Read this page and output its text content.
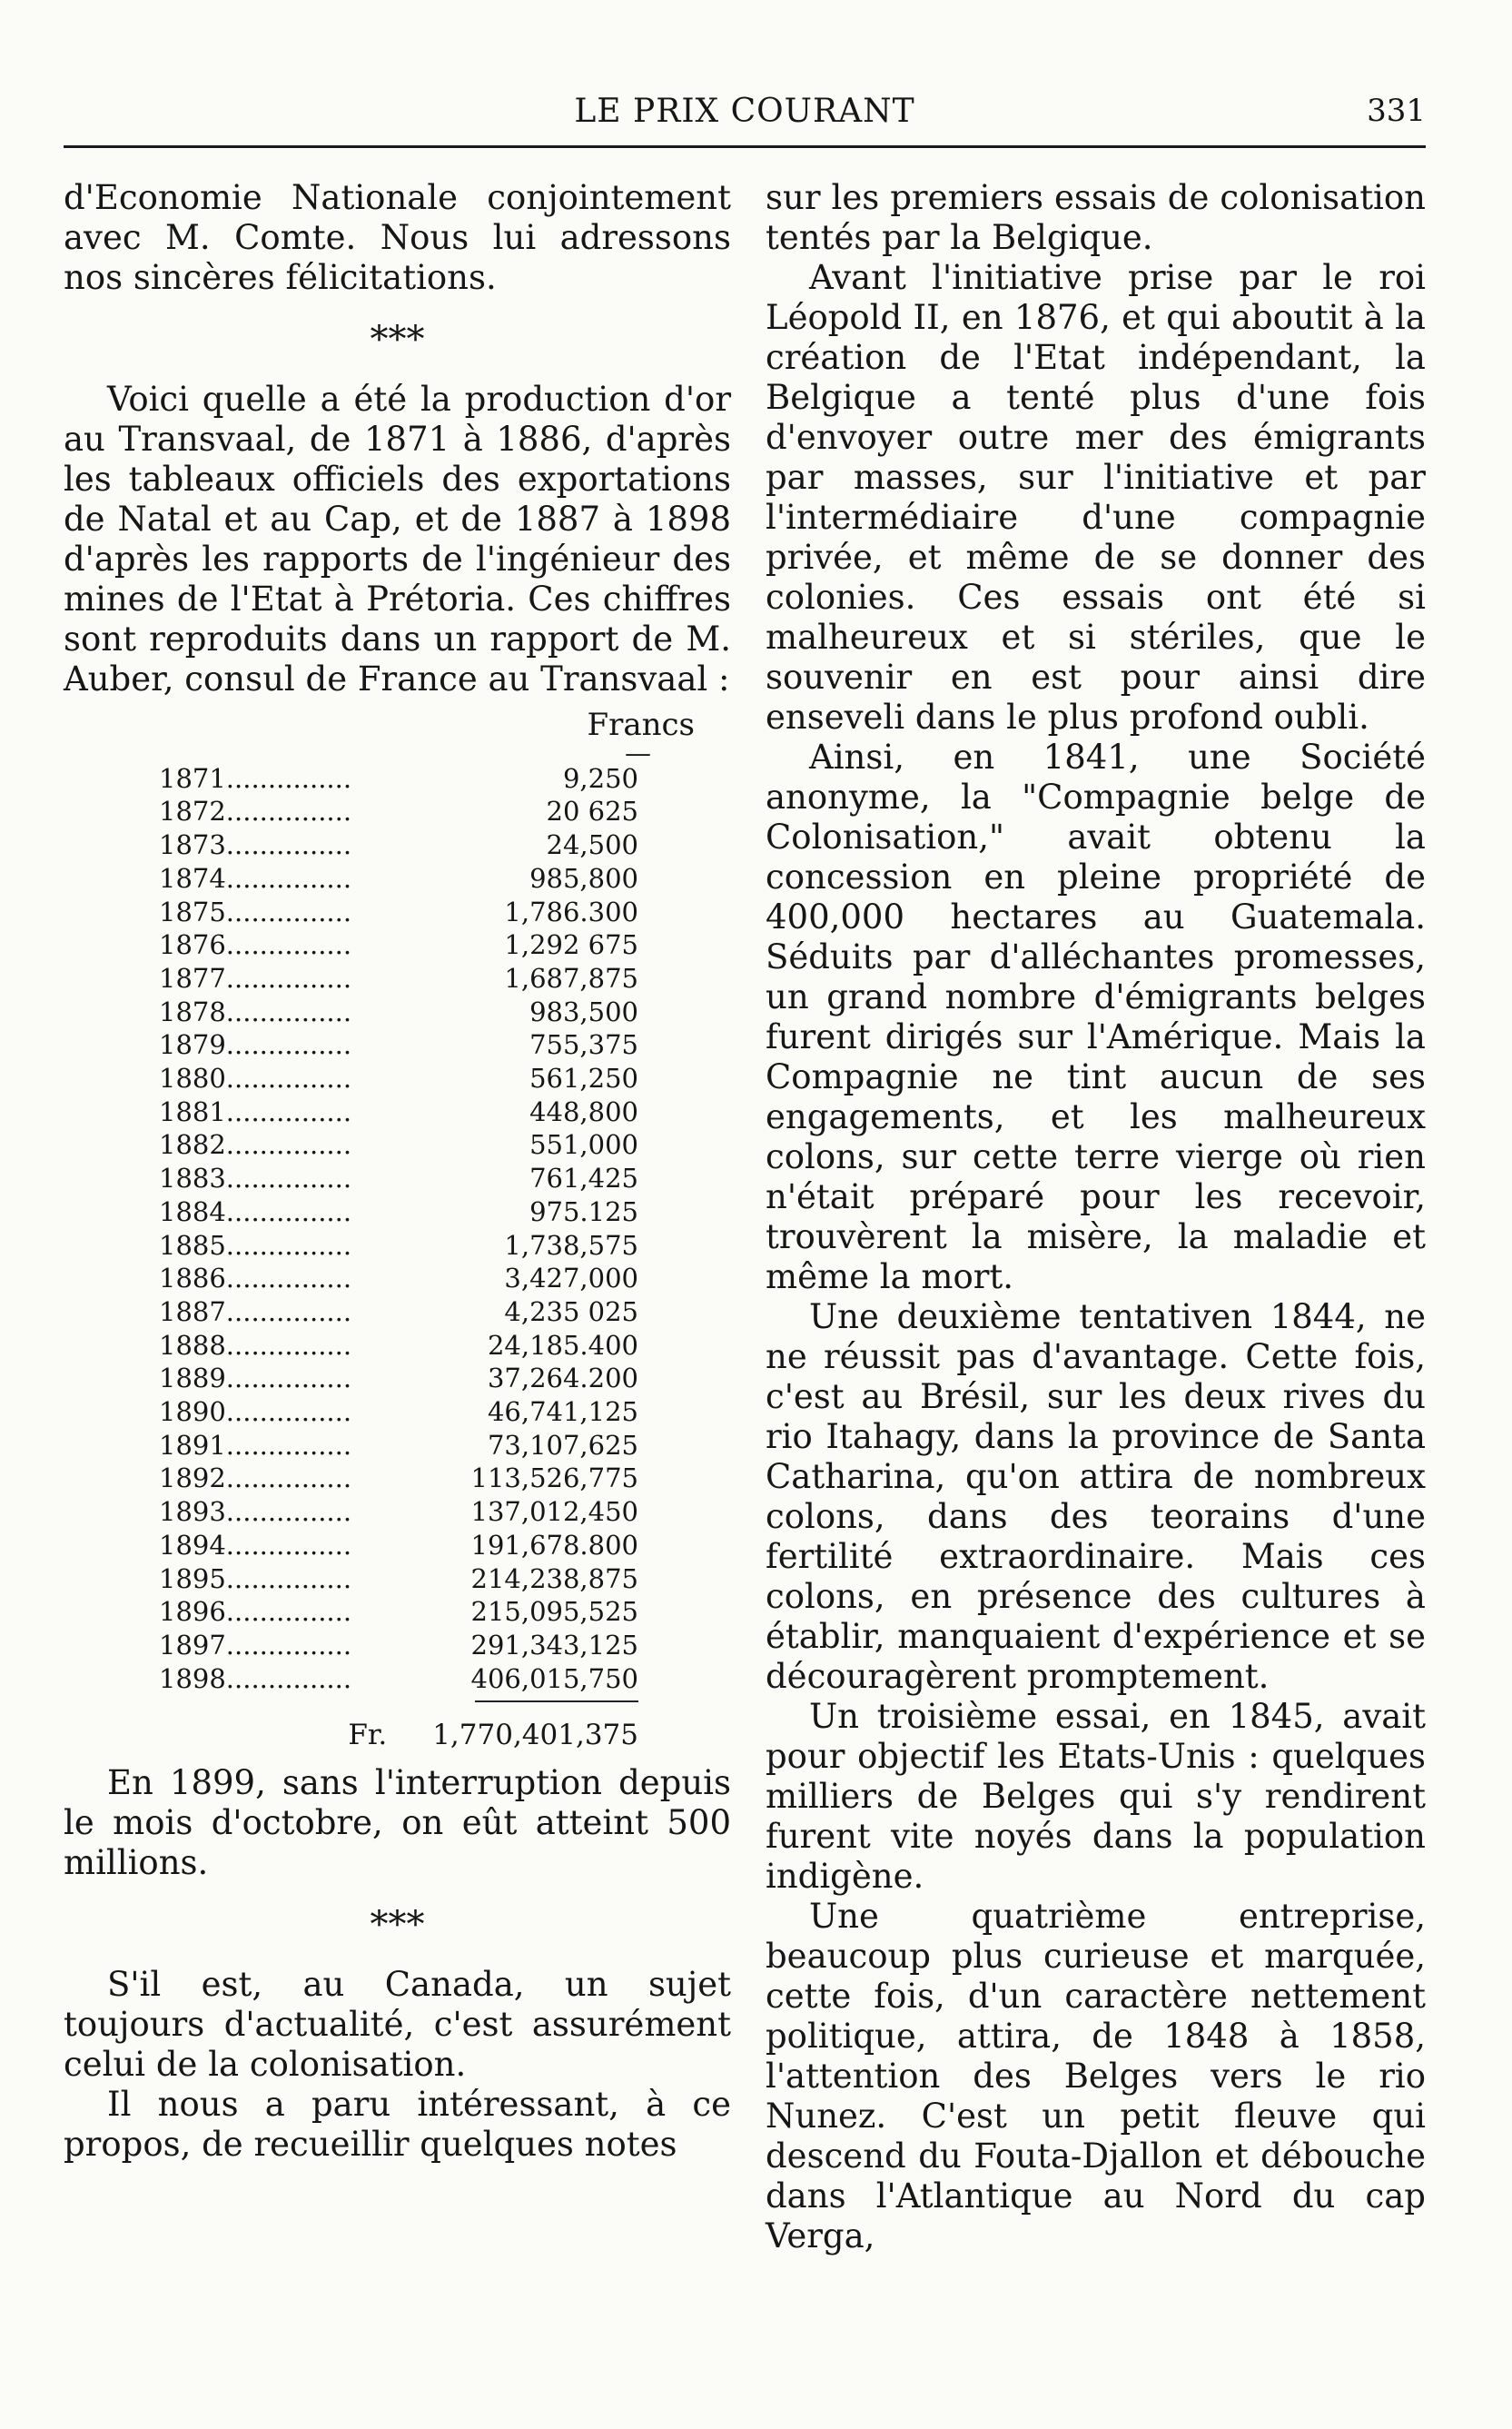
LE PRIX COURANT	331

d'Economie Nationale conjointement avec M. Comte. Nous lui adressons nos sincères félicitations.

***

Voici quelle a été la production d'or au Transvaal, de 1871 à 1886, d'après les tableaux officiels des exportations de Natal et au Cap, et de 1887 à 1898 d'après les rapports de l'ingénieur des mines de l'Etat à Prétoria. Ces chiffres sont reproduits dans un rapport de M. Auber, consul de France au Transvaal :

Francs
—
1871...............	9,250
1872...............	20 625
1873...............	24,500
1874...............	985,800
1875...............	1,786.300
1876...............	1,292 675
1877...............	1,687,875
1878...............	983,500
1879...............	755,375
1880...............	561,250
1881...............	448,800
1882...............	551,000
1883...............	761,425
1884...............	975.125
1885...............	1,738,575
1886...............	3,427,000
1887...............	4,235 025
1888...............	24,185.400
1889...............	37,264.200
1890...............	46,741,125
1891...............	73,107,625
1892...............	113,526,775
1893...............	137,012,450
1894...............	191,678.800
1895...............	214,238,875
1896...............	215,095,525
1897...............	291,343,125
1898...............	406,015,750
Fr. 1,770,401,375

En 1899, sans l'interruption depuis le mois d'octobre, on eût atteint 500 millions.

***

S'il est, au Canada, un sujet toujours d'actualité, c'est assurément celui de la colonisation.

Il nous a paru intéressant, à ce propos, de recueillir quelques notes

sur les premiers essais de colonisation tentés par la Belgique.

Avant l'initiative prise par le roi Léopold II, en 1876, et qui aboutit à la création de l'Etat indépendant, la Belgique a tenté plus d'une fois d'envoyer outre mer des émigrants par masses, sur l'initiative et par l'intermédiaire d'une compagnie privée, et même de se donner des colonies. Ces essais ont été si malheureux et si stériles, que le souvenir en est pour ainsi dire enseveli dans le plus profond oubli.

Ainsi, en 1841, une Société anonyme, la "Compagnie belge de Colonisation," avait obtenu la concession en pleine propriété de 400,000 hectares au Guatemala. Séduits par d'alléchantes promesses, un grand nombre d'émigrants belges furent dirigés sur l'Amérique. Mais la Compagnie ne tint aucun de ses engagements, et les malheureux colons, sur cette terre vierge où rien n'était préparé pour les recevoir, trouvèrent la misère, la maladie et même la mort.

Une deuxième tentativen 1844, ne ne réussit pas d'avantage. Cette fois, c'est au Brésil, sur les deux rives du rio Itahagy, dans la province de Santa Catharina, qu'on attira de nombreux colons, dans des teorains d'une fertilité extraordinaire. Mais ces colons, en présence des cultures à établir, manquaient d'expérience et se découragèrent promptement.

Un troisième essai, en 1845, avait pour objectif les Etats-Unis : quelques milliers de Belges qui s'y rendirent furent vite noyés dans la population indigène.

Une quatrième entreprise, beaucoup plus curieuse et marquée, cette fois, d'un caractère nettement politique, attira, de 1848 à 1858, l'attention des Belges vers le rio Nunez. C'est un petit fleuve qui descend du Fouta-Djallon et débouche dans l'Atlantique au Nord du cap Verga,
